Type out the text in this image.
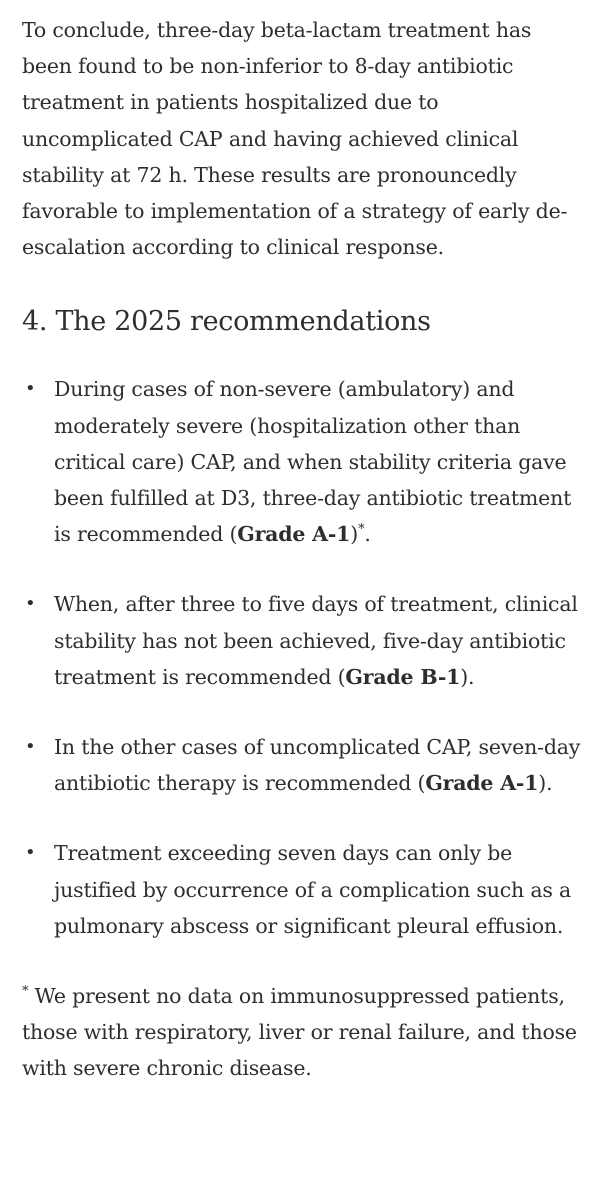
To conclude, three-day beta-lactam treatment has been found to be non-inferior to 8-day antibiotic treatment in patients hospitalized due to uncomplicated CAP and having achieved clinical stability at 72 h. These results are pronouncedly favorable to implementation of a strategy of early de-escalation according to clinical response.

4. The 2025 recommendations
• During cases of non-severe (ambulatory) and moderately severe (hospitalization other than critical care) CAP, and when stability criteria gave been fulfilled at D3, three-day antibiotic treatment is recommended (Grade A-1)*.
• When, after three to five days of treatment, clinical stability has not been achieved, five-day antibiotic treatment is recommended (Grade B-1).
• In the other cases of uncomplicated CAP, seven-day antibiotic therapy is recommended (Grade A-1).
• Treatment exceeding seven days can only be justified by occurrence of a complication such as a pulmonary abscess or significant pleural effusion.

* We present no data on immunosuppressed patients, those with respiratory, liver or renal failure, and those with severe chronic disease.
